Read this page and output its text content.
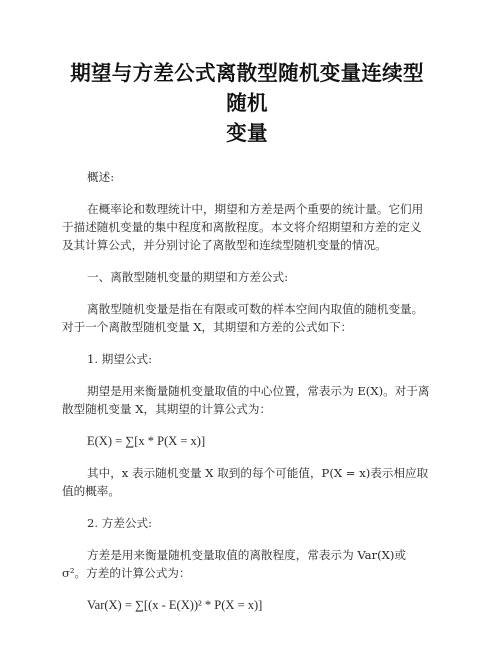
期望与方差公式离散型随机变量连续型随机
变量

概述:

在概率论和数理统计中，期望和方差是两个重要的统计量。它们用于描述随机变量的集中程度和离散程度。本文将介绍期望和方差的定义及其计算公式，并分别讨论了离散型和连续型随机变量的情况。

一、离散型随机变量的期望和方差公式:

离散型随机变量是指在有限或可数的样本空间内取值的随机变量。对于一个离散型随机变量 X，其期望和方差的公式如下：

1. 期望公式:

期望是用来衡量随机变量取值的中心位置，常表示为 E(X)。对于离散型随机变量 X，其期望的计算公式为：

E(X) = ∑[x * P(X = x)]

其中，x 表示随机变量 X 取到的每个可能值，P(X = x)表示相应取值的概率。

2. 方差公式:

方差是用来衡量随机变量取值的离散程度，常表示为 Var(X)或 σ²。方差的计算公式为：

Var(X) = ∑[(x - E(X))² * P(X = x)]
